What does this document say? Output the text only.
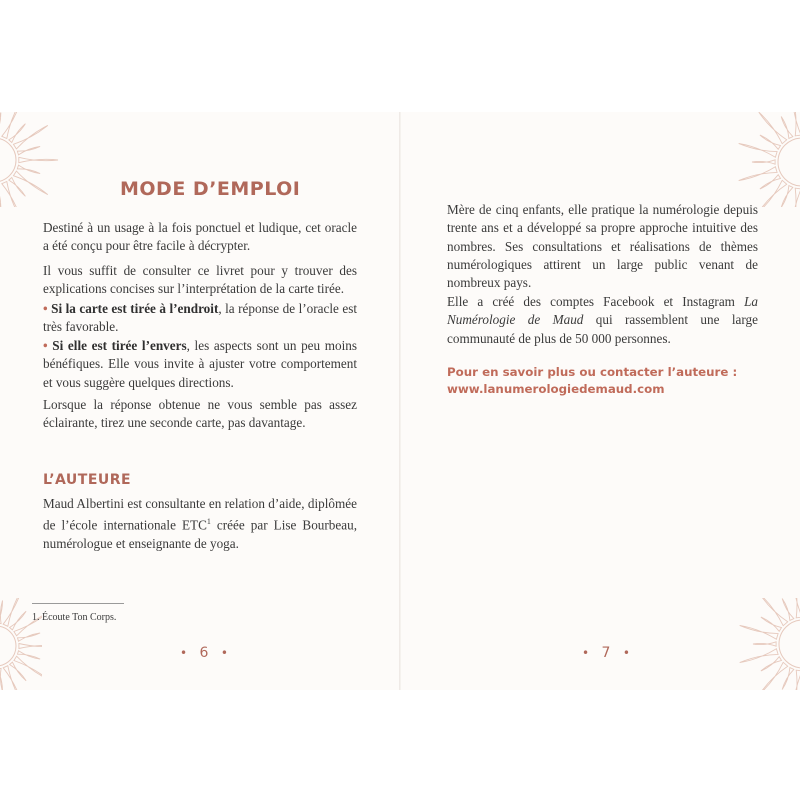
MODE D’EMPLOI

Destiné à un usage à la fois ponctuel et ludique, cet oracle a été conçu pour être facile à décrypter.

Il vous suffit de consulter ce livret pour y trouver des explications concises sur l’interprétation de la carte tirée.

• Si la carte est tirée à l’endroit, la réponse de l’oracle est très favorable.

• Si elle est tirée l’envers, les aspects sont un peu moins bénéfiques. Elle vous invite à ajuster votre comportement et vous suggère quelques directions.

Lorsque la réponse obtenue ne vous semble pas assez éclairante, tirez une seconde carte, pas davantage.

L’AUTEURE

Maud Albertini est consultante en relation d’aide, diplômée de l’école internationale ETC$^1$ créée par Lise Bourbeau, numérologue et enseignante de yoga.

1. Écoute Ton Corps.
• 6 •

Mère de cinq enfants, elle pratique la numérologie depuis trente ans et a développé sa propre approche intuitive des nombres. Ses consultations et réalisations de thèmes numérologiques attirent un large public venant de nombreux pays.

Elle a créé des comptes Facebook et Instagram La Numérologie de Maud qui rassemblent une large communauté de plus de 50 000 personnes.

Pour en savoir plus ou contacter l’auteure :
www.lanumerologiedemaud.com
• 7 •
